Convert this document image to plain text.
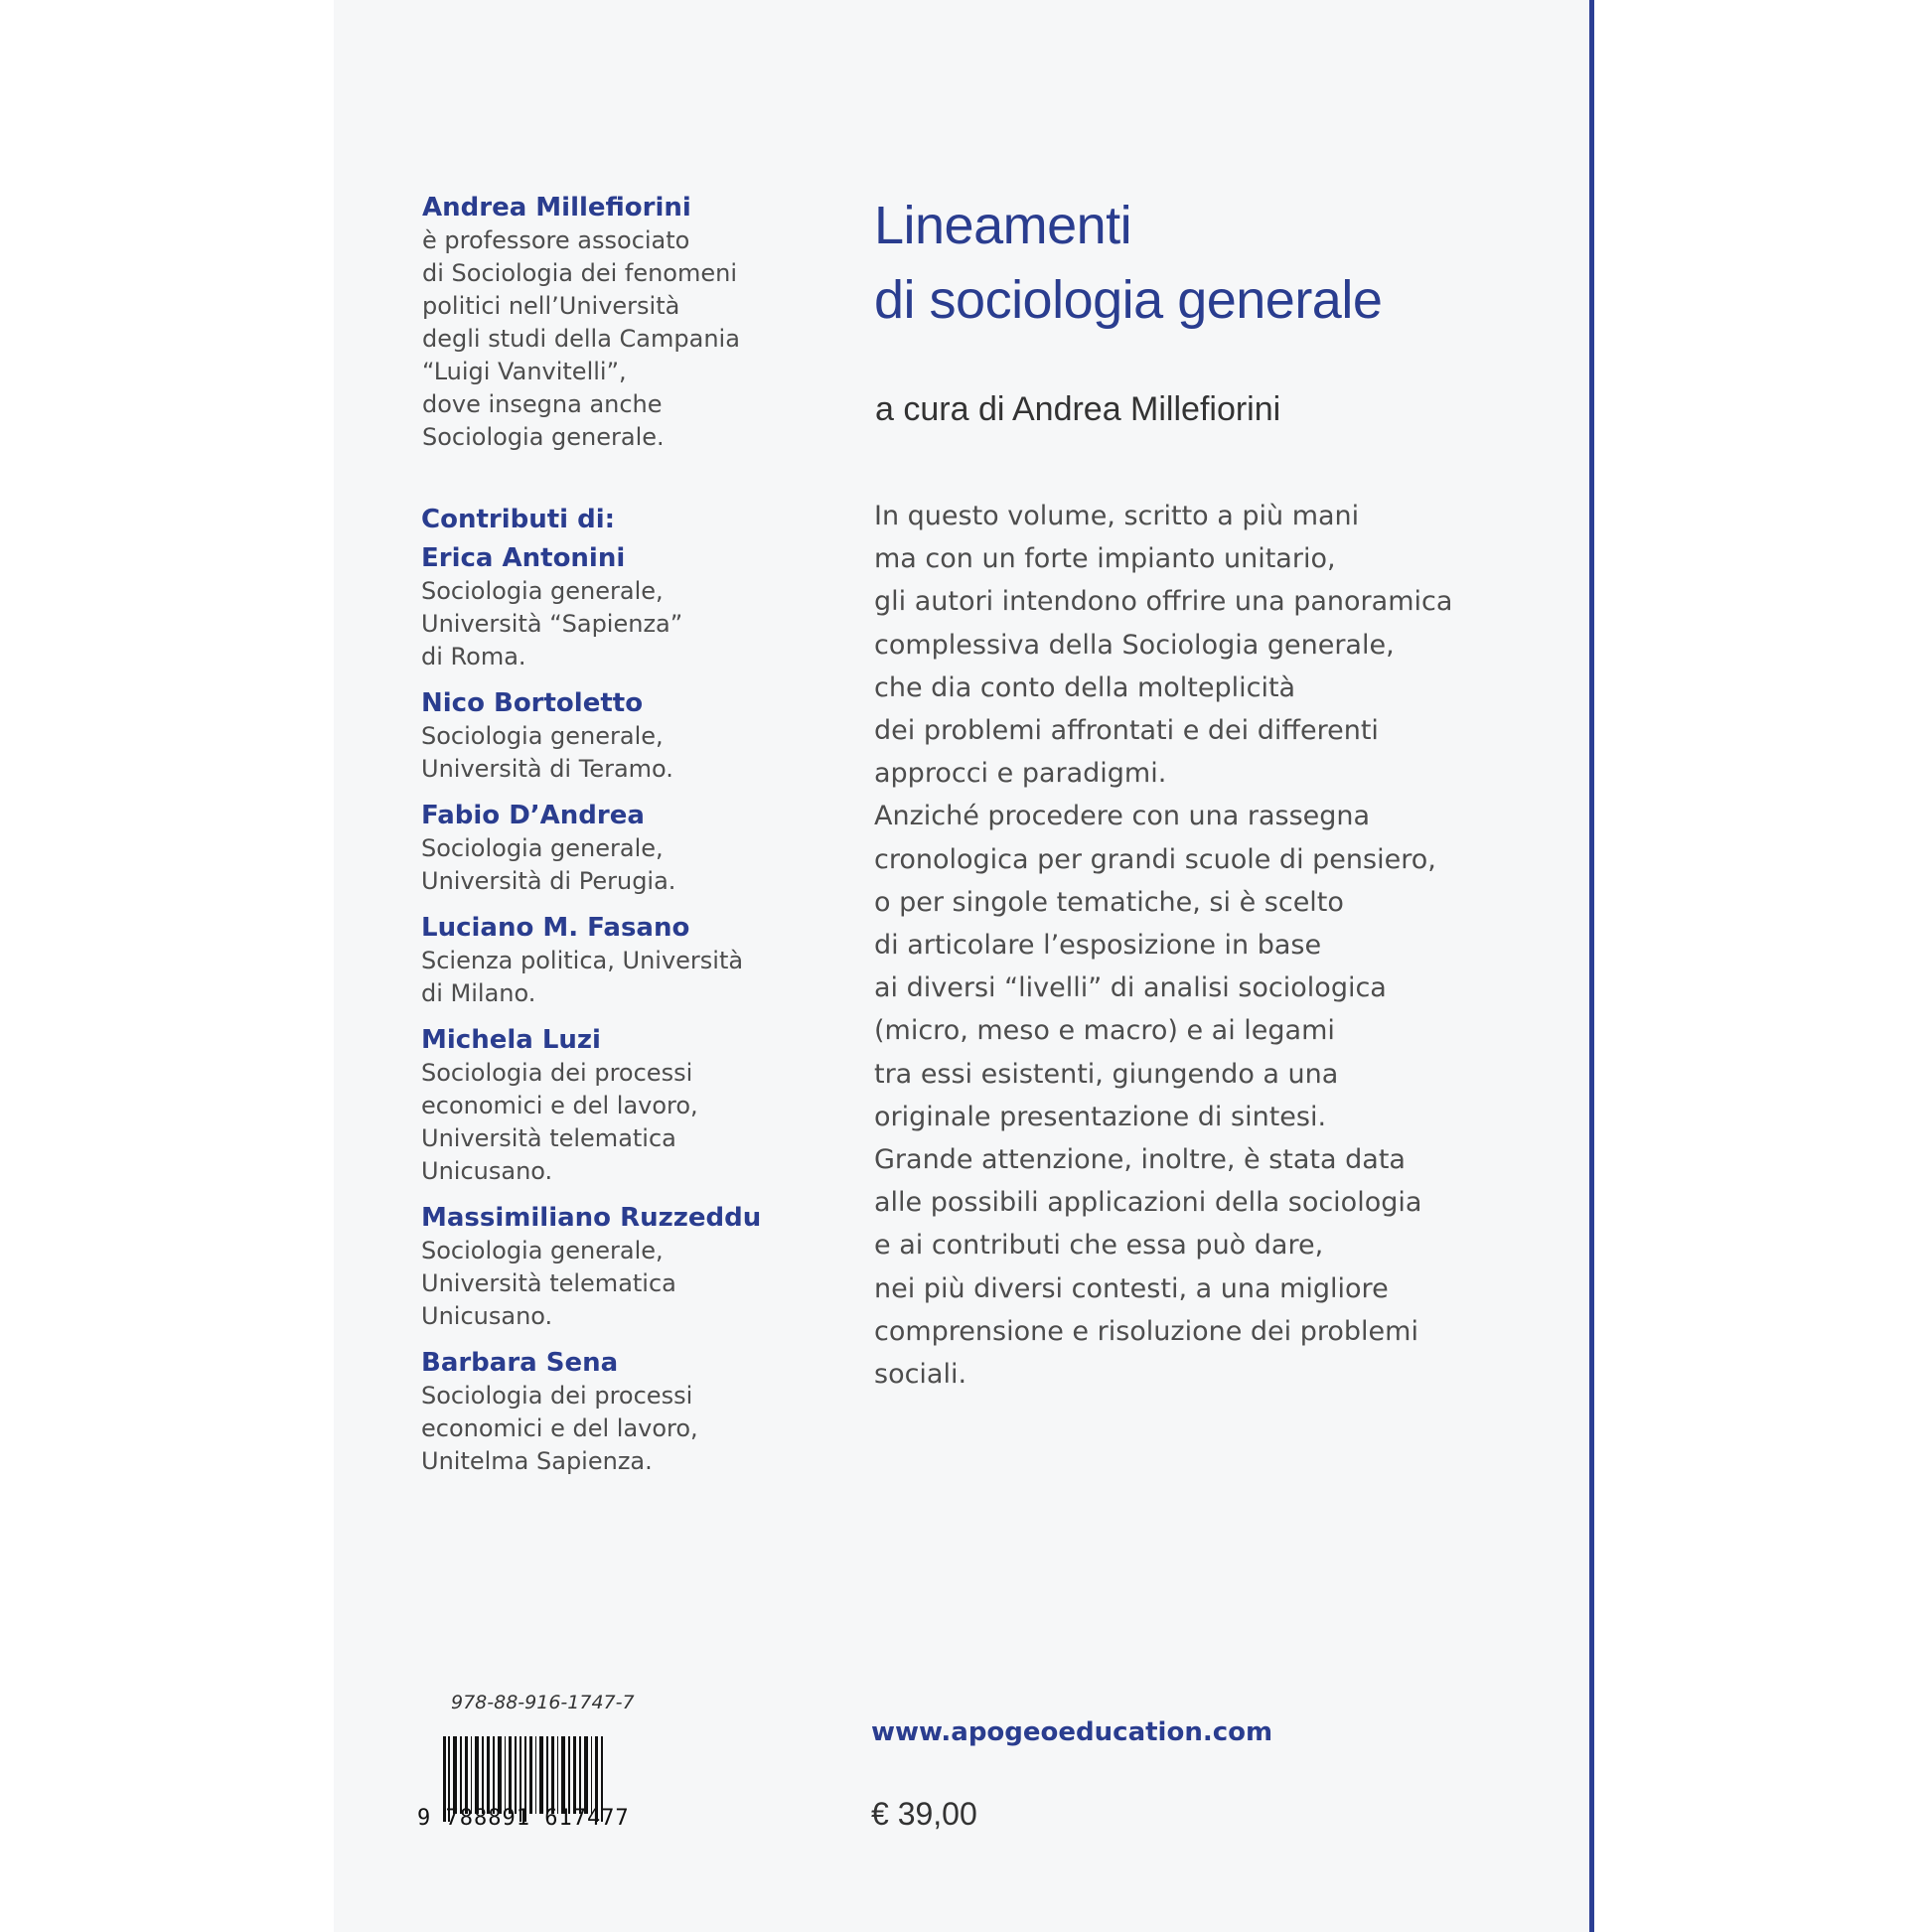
Andrea Millefiorini
è professore associato
di Sociologia dei fenomeni
politici nell’Università
degli studi della Campania
“Luigi Vanvitelli”,
dove insegna anche
Sociologia generale.
Contributi di:
Erica Antonini
Sociologia generale,
Università “Sapienza”
di Roma.
Nico Bortoletto
Sociologia generale,
Università di Teramo.
Fabio D’Andrea
Sociologia generale,
Università di Perugia.
Luciano M. Fasano
Scienza politica, Università
di Milano.
Michela Luzi
Sociologia dei processi
economici e del lavoro,
Università telematica
Unicusano.
Massimiliano Ruzzeddu
Sociologia generale,
Università telematica
Unicusano.
Barbara Sena
Sociologia dei processi
economici e del lavoro,
Unitelma Sapienza.
Lineamenti
di sociologia generale
a cura di Andrea Millefiorini
In questo volume, scritto a più mani
ma con un forte impianto unitario,
gli autori intendono offrire una panoramica
complessiva della Sociologia generale,
che dia conto della molteplicità
dei problemi affrontati e dei differenti
approcci e paradigmi.
Anziché procedere con una rassegna
cronologica per grandi scuole di pensiero,
o per singole tematiche, si è scelto
di articolare l’esposizione in base
ai diversi “livelli” di analisi sociologica
(micro, meso e macro) e ai legami
tra essi esistenti, giungendo a una
originale presentazione di sintesi.
Grande attenzione, inoltre, è stata data
alle possibili applicazioni della sociologia
e ai contributi che essa può dare,
nei più diversi contesti, a una migliore
comprensione e risoluzione dei problemi
sociali.
978-88-916-1747-7
9 788891 617477
www.apogeoeducation.com
€ 39,00
